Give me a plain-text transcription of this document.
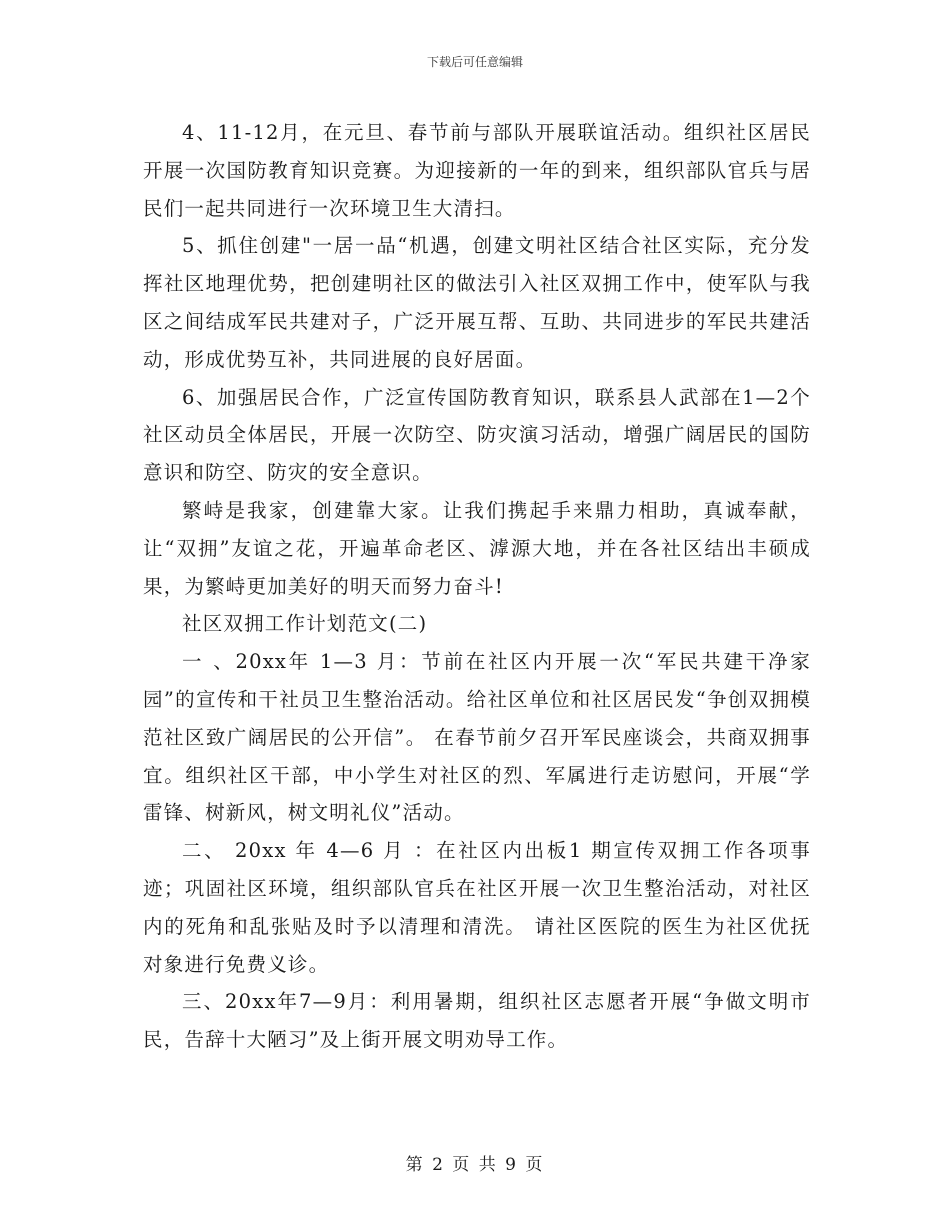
下载后可任意编辑

4、11-12月，在元旦、春节前与部队开展联谊活动。组织社区居民开展一次国防教育知识竞赛。为迎接新的一年的到来，组织部队官兵与居民们一起共同进行一次环境卫生大清扫。

5、抓住创建"一居一品“机遇，创建文明社区结合社区实际，充分发挥社区地理优势，把创建明社区的做法引入社区双拥工作中，使军队与我区之间结成军民共建对子，广泛开展互帮、互助、共同进步的军民共建活动，形成优势互补，共同进展的良好居面。

6、加强居民合作，广泛宣传国防教育知识，联系县人武部在1—2个社区动员全体居民，开展一次防空、防灾演习活动，增强广阔居民的国防意识和防空、防灾的安全意识。

繁峙是我家，创建靠大家。让我们携起手来鼎力相助，真诚奉献，让“双拥”友谊之花，开遍革命老区、滹源大地，并在各社区结出丰硕成果，为繁峙更加美好的明天而努力奋斗!

社区双拥工作计划范文(二)

一 、20xx年 1—3 月：节前在社区内开展一次“军民共建干净家园”的宣传和干社员卫生整治活动。给社区单位和社区居民发“争创双拥模范社区致广阔居民的公开信”。 在春节前夕召开军民座谈会，共商双拥事宜。组织社区干部，中小学生对社区的烈、军属进行走访慰问，开展“学雷锋、树新风，树文明礼仪”活动。

二、 20xx 年 4—6 月 ：在社区内出板1 期宣传双拥工作各项事迹；巩固社区环境，组织部队官兵在社区开展一次卫生整治活动，对社区内的死角和乱张贴及时予以清理和清洗。 请社区医院的医生为社区优抚对象进行免费义诊。

三、20xx年7—9月：利用暑期，组织社区志愿者开展“争做文明市民，告辞十大陋习”及上街开展文明劝导工作。

第 2 页 共 9 页
